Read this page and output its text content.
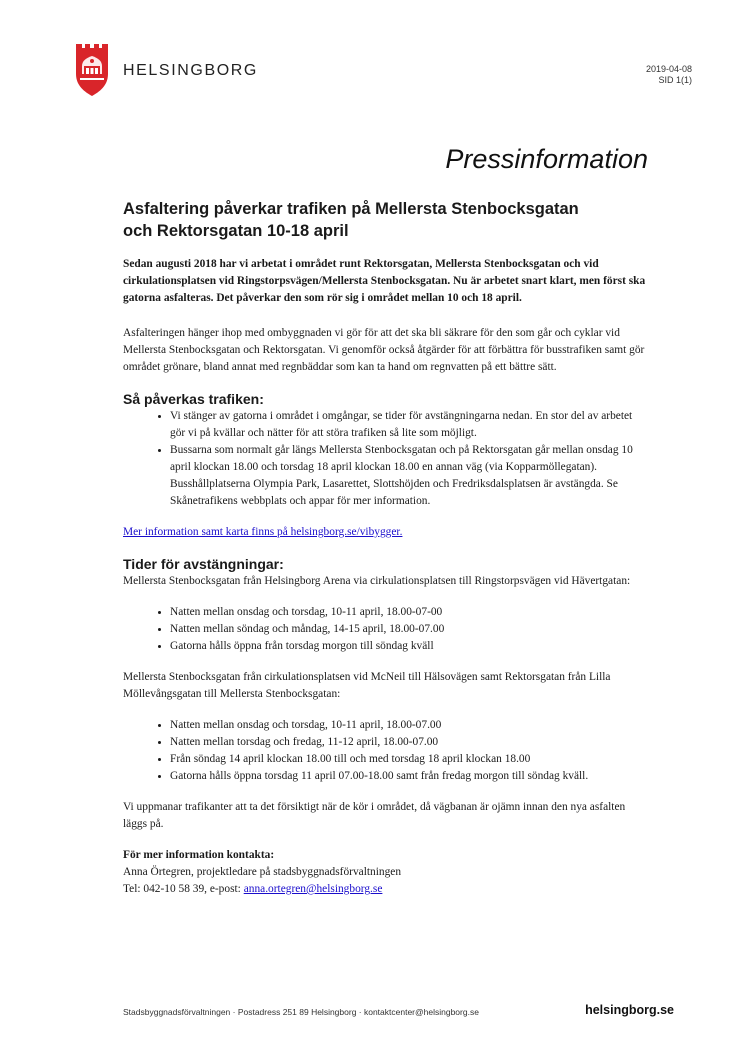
HELSINGBORG	2019-04-08
SID 1(1)
Pressinformation
Asfaltering påverkar trafiken på Mellersta Stenbocksgatan
och Rektorsgatan 10-18 april

Sedan augusti 2018 har vi arbetat i området runt Rektorsgatan, Mellersta Stenbocksgatan och vid cirkulationsplatsen vid Ringstorpsvägen/Mellersta Stenbocksgatan. Nu är arbetet snart klart, men först ska gatorna asfalteras. Det påverkar den som rör sig i området mellan 10 och 18 april.

Asfalteringen hänger ihop med ombyggnaden vi gör för att det ska bli säkrare för den som går och cyklar vid Mellersta Stenbocksgatan och Rektorsgatan. Vi genomför också åtgärder för att förbättra för busstrafiken samt gör området grönare, bland annat med regnbäddar som kan ta hand om regnvatten på ett bättre sätt.

Så påverkas trafiken:

• Vi stänger av gatorna i området i omgångar, se tider för avstängningarna nedan. En stor del av arbetet gör vi på kvällar och nätter för att störa trafiken så lite som möjligt.
• Bussarna som normalt går längs Mellersta Stenbocksgatan och på Rektorsgatan går mellan onsdag 10 april klockan 18.00 och torsdag 18 april klockan 18.00 en annan väg (via Kopparmöllegatan). Busshållplatserna Olympia Park, Lasarettet, Slottshöjden och Fredriksdalsplatsen är avstängda. Se Skånetrafikens webbplats och appar för mer information.

Mer information samt karta finns på helsingborg.se/vibygger.

Tider för avstängningar:

Mellersta Stenbocksgatan från Helsingborg Arena via cirkulationsplatsen till Ringstorpsvägen vid Hävertgatan:

• Natten mellan onsdag och torsdag, 10-11 april, 18.00-07-00
• Natten mellan söndag och måndag, 14-15 april, 18.00-07.00
• Gatorna hålls öppna från torsdag morgon till söndag kväll

Mellersta Stenbocksgatan från cirkulationsplatsen vid McNeil till Hälsovägen samt Rektorsgatan från Lilla Möllevångsgatan till Mellersta Stenbocksgatan:

• Natten mellan onsdag och torsdag, 10-11 april, 18.00-07.00
• Natten mellan torsdag och fredag, 11-12 april, 18.00-07.00
• Från söndag 14 april klockan 18.00 till och med torsdag 18 april klockan 18.00
• Gatorna hålls öppna torsdag 11 april 07.00-18.00 samt från fredag morgon till söndag kväll.

Vi uppmanar trafikanter att ta det försiktigt när de kör i området, då vägbanan är ojämn innan den nya asfalten läggs på.

För mer information kontakta:

Anna Örtegren, projektledare på stadsbyggnadsförvaltningen

Tel: 042-10 58 39, e-post: anna.ortegren@helsingborg.se

Stadsbyggnadsförvaltningen · Postadress 251 89 Helsingborg · kontaktcenter@helsingborg.se	helsingborg.se
